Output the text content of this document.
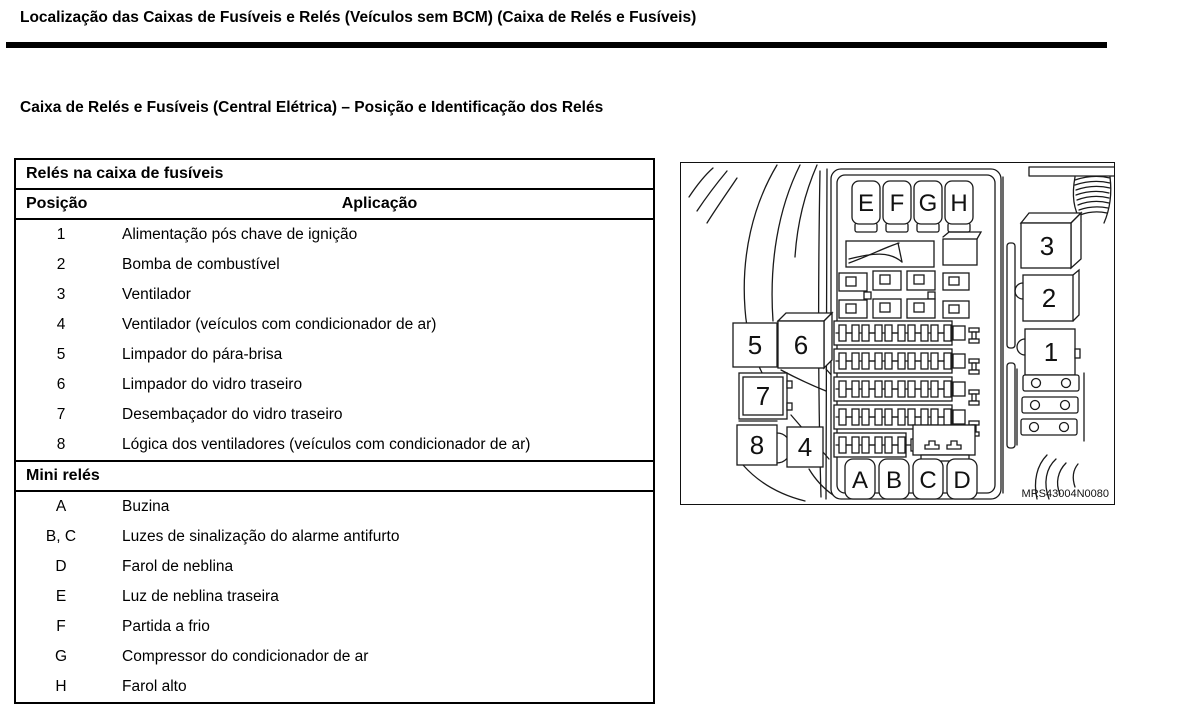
Localização das Caixas de Fusíveis e Relés (Veículos sem BCM) (Caixa de Relés e Fusíveis)
Caixa de Relés e Fusíveis (Central Elétrica) – Posição e Identificação dos Relés
Relés na caixa de fusíveis
Posição	Aplicação
1	Alimentação pós chave de ignição
2	Bomba de combustível
3	Ventilador
4	Ventilador (veículos com condicionador de ar)
5	Limpador do pára-brisa
6	Limpador do vidro traseiro
7	Desembaçador do vidro traseiro
8	Lógica dos ventiladores (veículos com condicionador de ar)
Mini relés
A	Buzina
B, C	Luzes de sinalização do alarme antifurto
D	Farol de neblina
E	Luz de neblina traseira
F	Partida a frio
G	Compressor do condicionador de ar
H	Farol alto
E F G H
A B C D
3
2
1
5 6
7
8 4
MRS43004N0080
